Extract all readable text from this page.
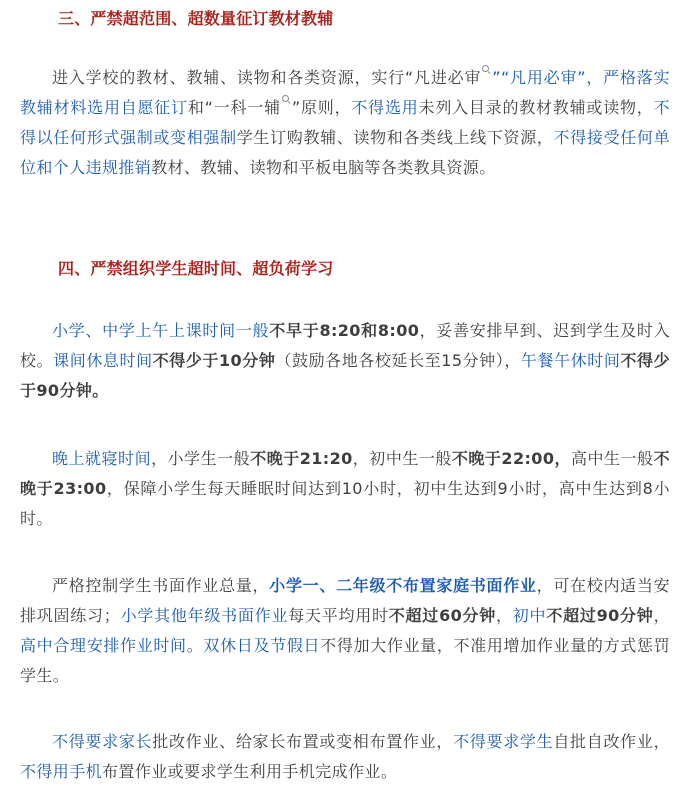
三、严禁超范围、超数量征订教材教辅
进入学校的教材、教辅、读物和各类资源，实行“凡进必审 ”“凡用必审”，严格落实教辅材料选用自愿征订和“一科一辅 ”原则，不得选用未列入目录的教材教辅或读物，不得以任何形式强制或变相强制学生订购教辅、读物和各类线上线下资源，不得接受任何单位和个人违规推销教材、教辅、读物和平板电脑等各类教具资源。
四、严禁组织学生超时间、超负荷学习
小学、中学上午上课时间一般不早于8:20和8:00，妥善安排早到、迟到学生及时入校。课间休息时间不得少于10分钟（鼓励各地各校延长至15分钟），午餐午休时间不得少于90分钟。
晚上就寝时间，小学生一般不晚于21:20，初中生一般不晚于22:00，高中生一般不晚于23:00，保障小学生每天睡眠时间达到10小时，初中生达到9小时，高中生达到8小时。
严格控制学生书面作业总量，小学一、二年级不布置家庭书面作业，可在校内适当安排巩固练习；小学其他年级书面作业每天平均用时不超过60分钟，初中不超过90分钟，高中合理安排作业时间。双休日及节假日不得加大作业量，不准用增加作业量的方式惩罚学生。
不得要求家长批改作业、给家长布置或变相布置作业，不得要求学生自批自改作业，不得用手机布置作业或要求学生利用手机完成作业。
